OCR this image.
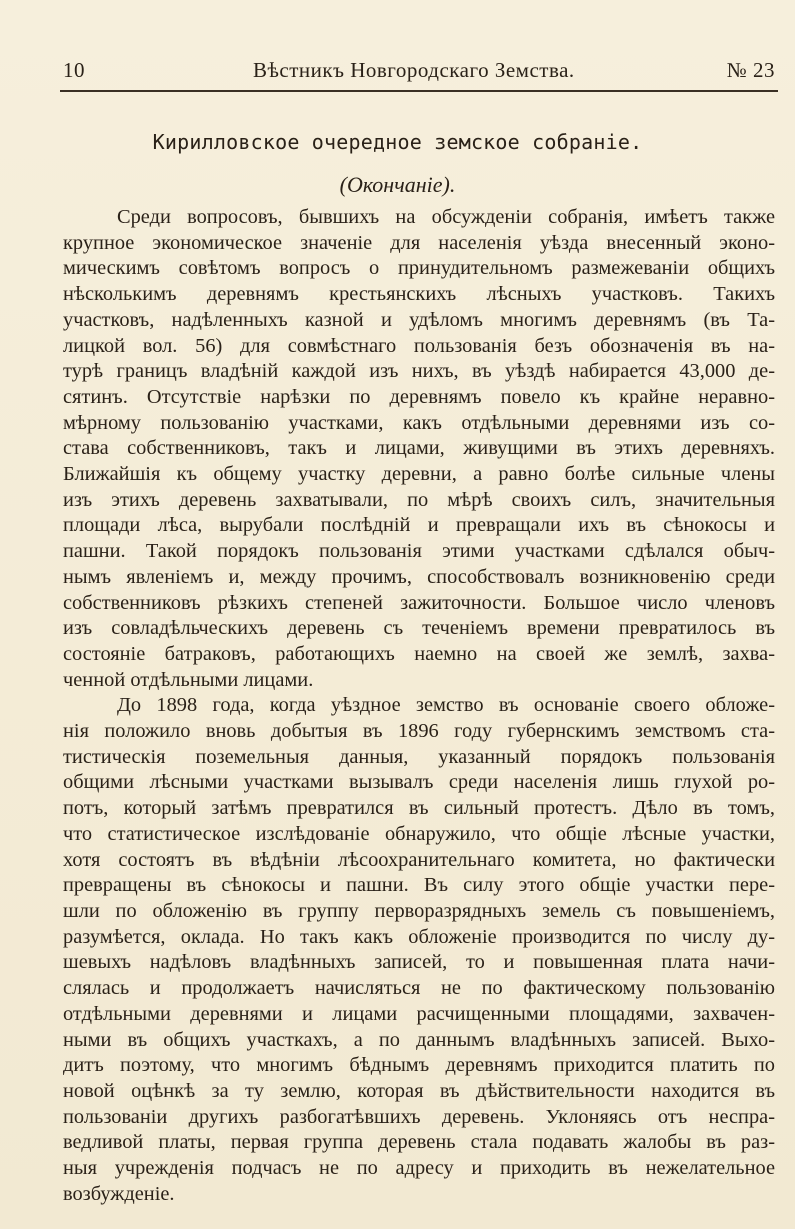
10	Вѣстникъ Новгородскаго Земства.	№ 23
Кирилловское очередное земское собраніе.
(Окончаніе).
Среди вопросовъ, бывшихъ на обсужденіи собранія, имѣетъ также
крупное экономическое значеніе для населенія уѣзда внесенный эконо-
мическимъ совѣтомъ вопросъ о принудительномъ размежеваніи общихъ
нѣсколькимъ деревнямъ крестьянскихъ лѣсныхъ участковъ. Такихъ
участковъ, надѣленныхъ казной и удѣломъ многимъ деревнямъ (въ Та-
лицкой вол. 56) для совмѣстнаго пользованія безъ обозначенія въ на-
турѣ границъ владѣній каждой изъ нихъ, въ уѣздѣ набирается 43,000 де-
сятинъ. Отсутствіе нарѣзки по деревнямъ повело къ крайне неравно-
мѣрному пользованію участками, какъ отдѣльными деревнями изъ со-
става собственниковъ, такъ и лицами, живущими въ этихъ деревняхъ.
Ближайшія къ общему участку деревни, а равно болѣе сильные члены
изъ этихъ деревень захватывали, по мѣрѣ своихъ силъ, значительныя
площади лѣса, вырубали послѣдній и превращали ихъ въ сѣнокосы и
пашни. Такой порядокъ пользованія этими участками сдѣлался обыч-
нымъ явленіемъ и, между прочимъ, способствовалъ возникновенію среди
собственниковъ рѣзкихъ степеней зажиточности. Большое число членовъ
изъ совладѣльческихъ деревень съ теченіемъ времени превратилось въ
состояніе батраковъ, работающихъ наемно на своей же землѣ, захва-
ченной отдѣльными лицами.
До 1898 года, когда уѣздное земство въ основаніе своего обложе-
нія положило вновь добытыя въ 1896 году губернскимъ земствомъ ста-
тистическія поземельныя данныя, указанный порядокъ пользованія
общими лѣсными участками вызывалъ среди населенія лишь глухой ро-
потъ, который затѣмъ превратился въ сильный протестъ. Дѣло въ томъ,
что статистическое изслѣдованіе обнаружило, что общіе лѣсные участки,
хотя состоятъ въ вѣдѣніи лѣсоохранительнаго комитета, но фактически
превращены въ сѣнокосы и пашни. Въ силу этого общіе участки пере-
шли по обложенію въ группу перворазрядныхъ земель съ повышеніемъ,
разумѣется, оклада. Но такъ какъ обложеніе производится по числу ду-
шевыхъ надѣловъ владѣнныхъ записей, то и повышенная плата начи-
слялась и продолжаетъ начисляться не по фактическому пользованію
отдѣльными деревнями и лицами расчищенными площадями, захвачен-
ными въ общихъ участкахъ, а по даннымъ владѣнныхъ записей. Выхо-
дитъ поэтому, что многимъ бѣднымъ деревнямъ приходится платить по
новой оцѣнкѣ за ту землю, которая въ дѣйствительности находится въ
пользованіи другихъ разбогатѣвшихъ деревень. Уклоняясь отъ неспра-
ведливой платы, первая группа деревень стала подавать жалобы въ раз-
ныя учрежденія подчасъ не по адресу и приходить въ нежелательное
возбужденіе.
